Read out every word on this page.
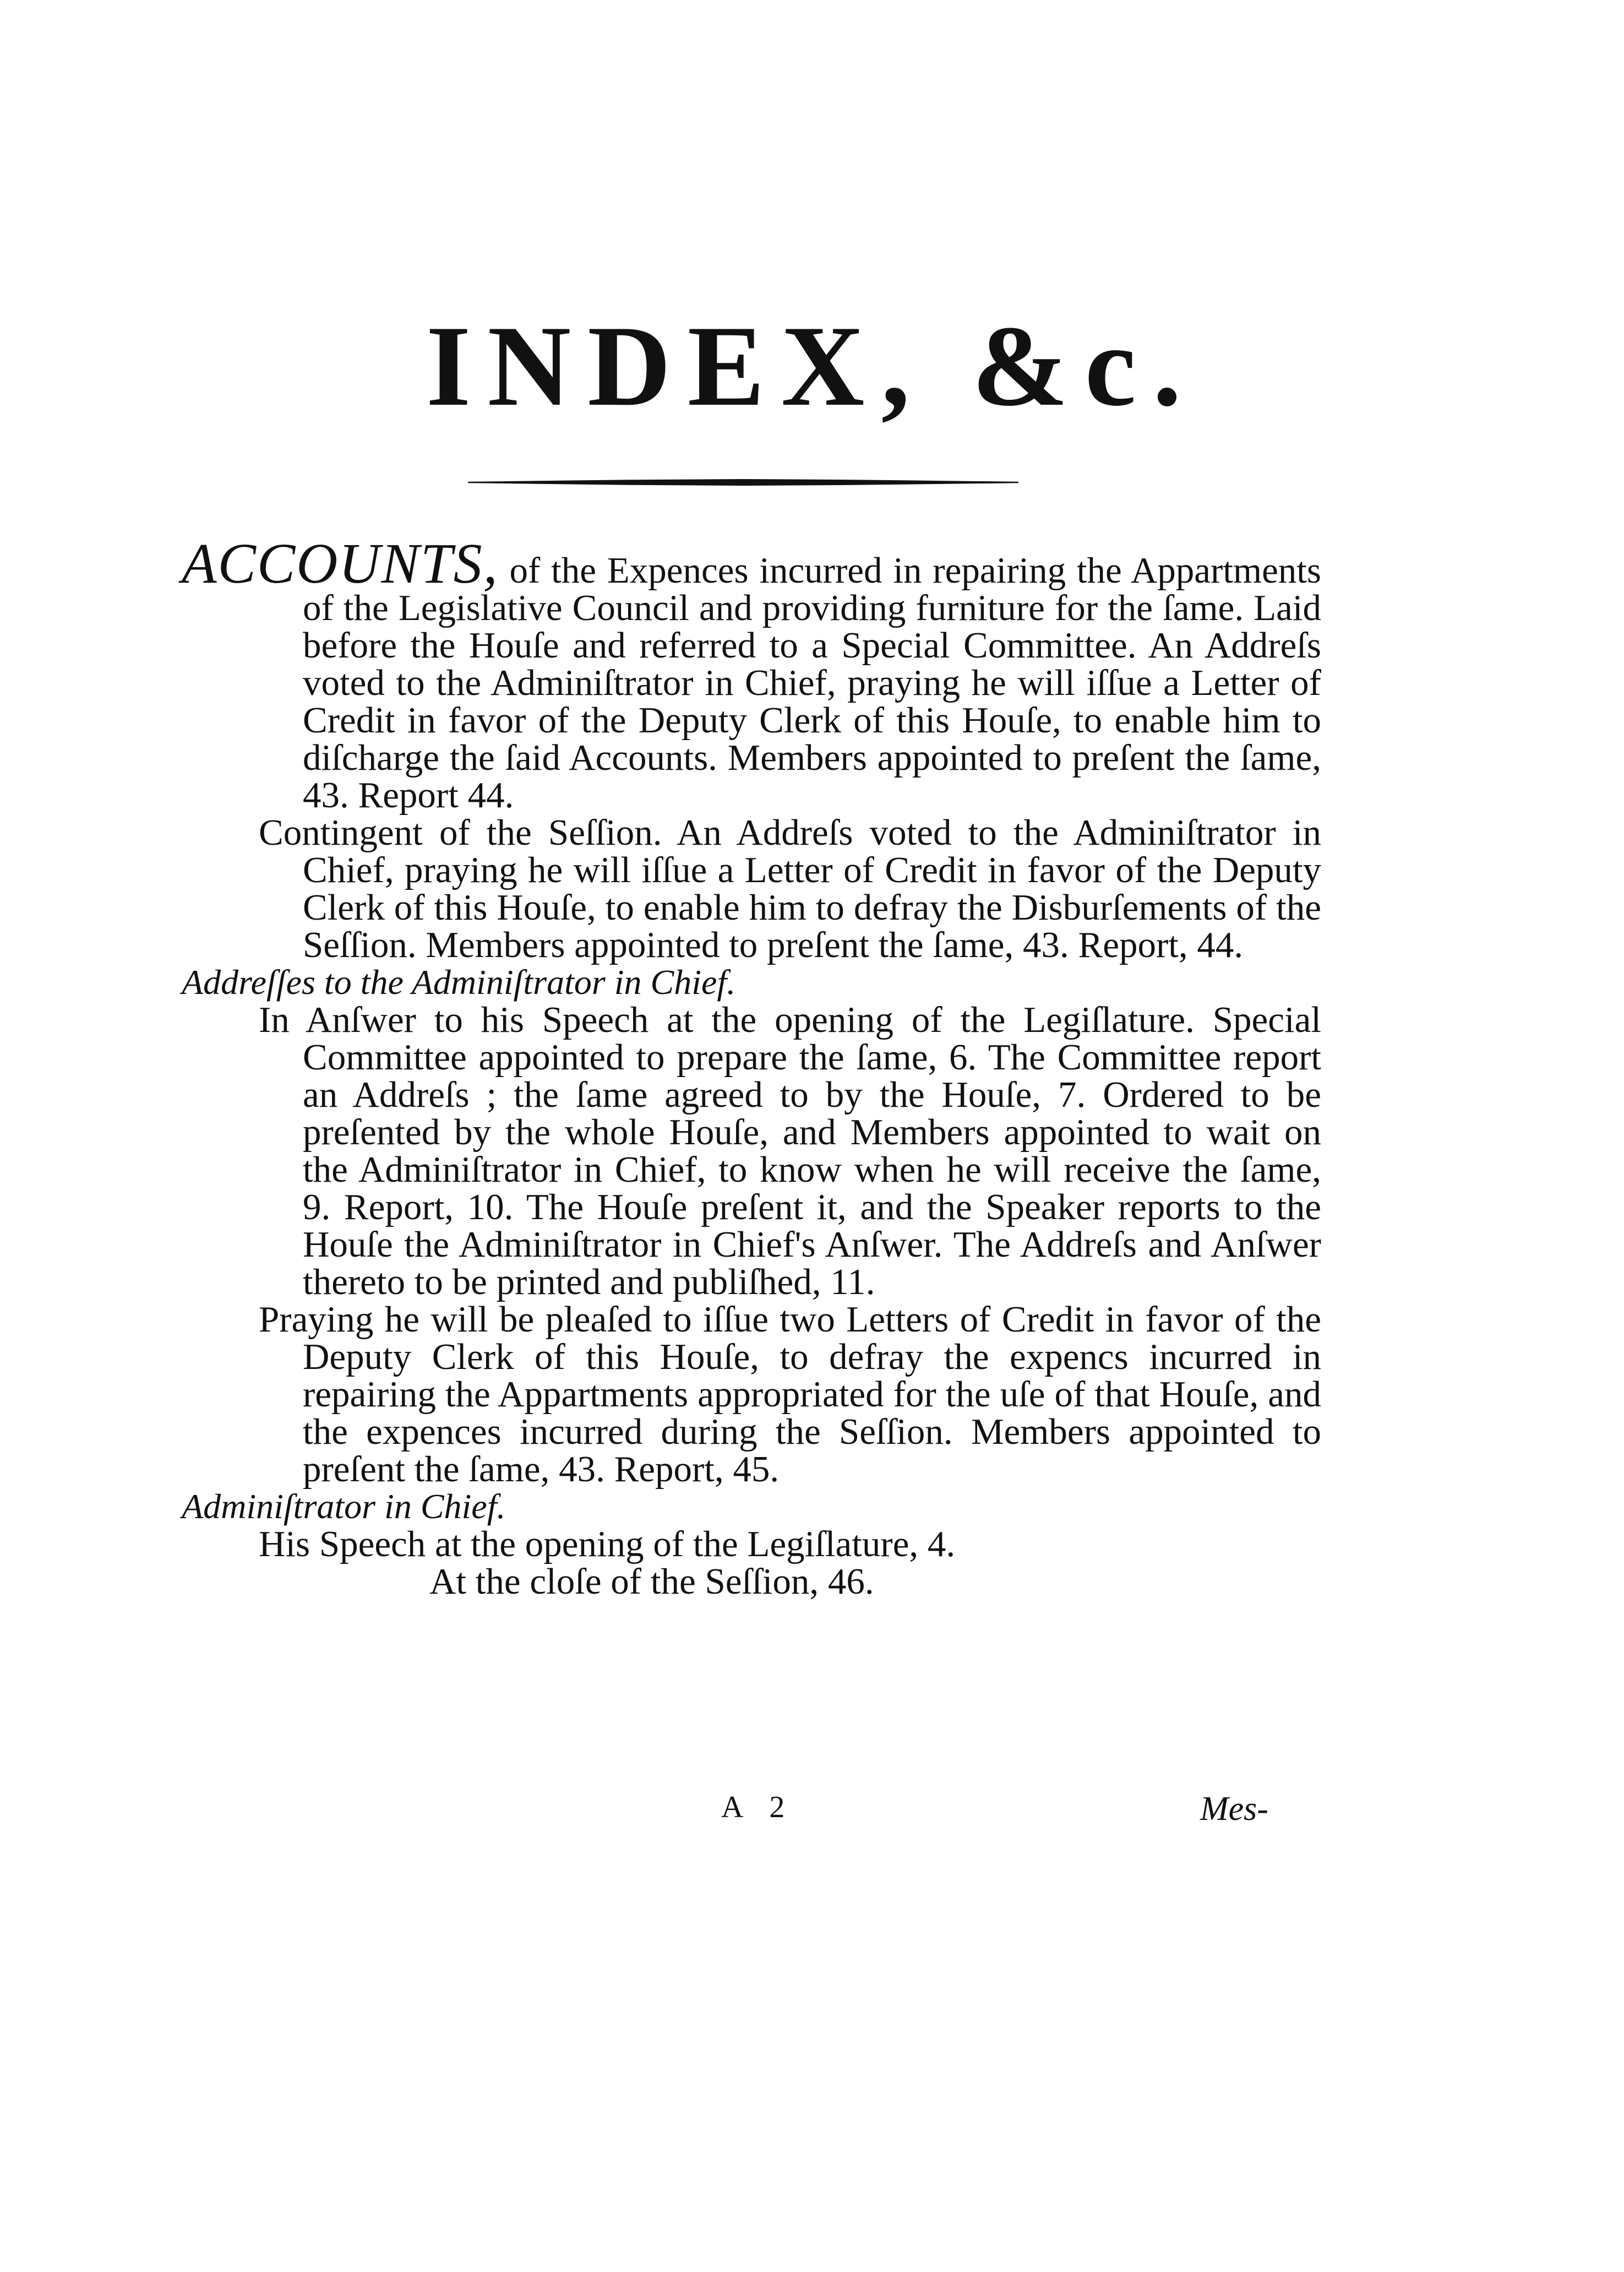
INDEX, &c.

ACCOUNTS, of the Expences incurred in repairing the Appartments of the Legislative Council and providing furniture for the ſame. Laid before the Houſe and referred to a Special Committee. An Addreſs voted to the Adminiſtrator in Chief, praying he will iſſue a Letter of Credit in favor of the Deputy Clerk of this Houſe, to enable him to diſcharge the ſaid Accounts. Members appointed to preſent the ſame, 43. Report 44.

Contingent of the Seſſion. An Addreſs voted to the Adminiſtrator in Chief, praying he will iſſue a Letter of Credit in favor of the Deputy Clerk of this Houſe, to enable him to defray the Disburſements of the Seſſion. Members appointed to preſent the ſame, 43. Report, 44.

Addreſſes to the Adminiſtrator in Chief.

In Anſwer to his Speech at the opening of the Legiſlature. Special Committee appointed to prepare the ſame, 6. The Committee report an Addreſs ; the ſame agreed to by the Houſe, 7. Ordered to be preſented by the whole Houſe, and Members appointed to wait on the Adminiſtrator in Chief, to know when he will receive the ſame, 9. Report, 10. The Houſe preſent it, and the Speaker reports to the Houſe the Adminiſtrator in Chief's Anſwer. The Addreſs and Anſwer thereto to be printed and publiſhed, 11.

Praying he will be pleaſed to iſſue two Letters of Credit in favor of the Deputy Clerk of this Houſe, to defray the expencs incurred in repairing the Appartments appropriated for the uſe of that Houſe, and the expences incurred during the Seſſion. Members appointed to preſent the ſame, 43. Report, 45.

Adminiſtrator in Chief.

His Speech at the opening of the Legiſlature, 4.

At the cloſe of the Seſſion, 46.

A 2	Mes-
